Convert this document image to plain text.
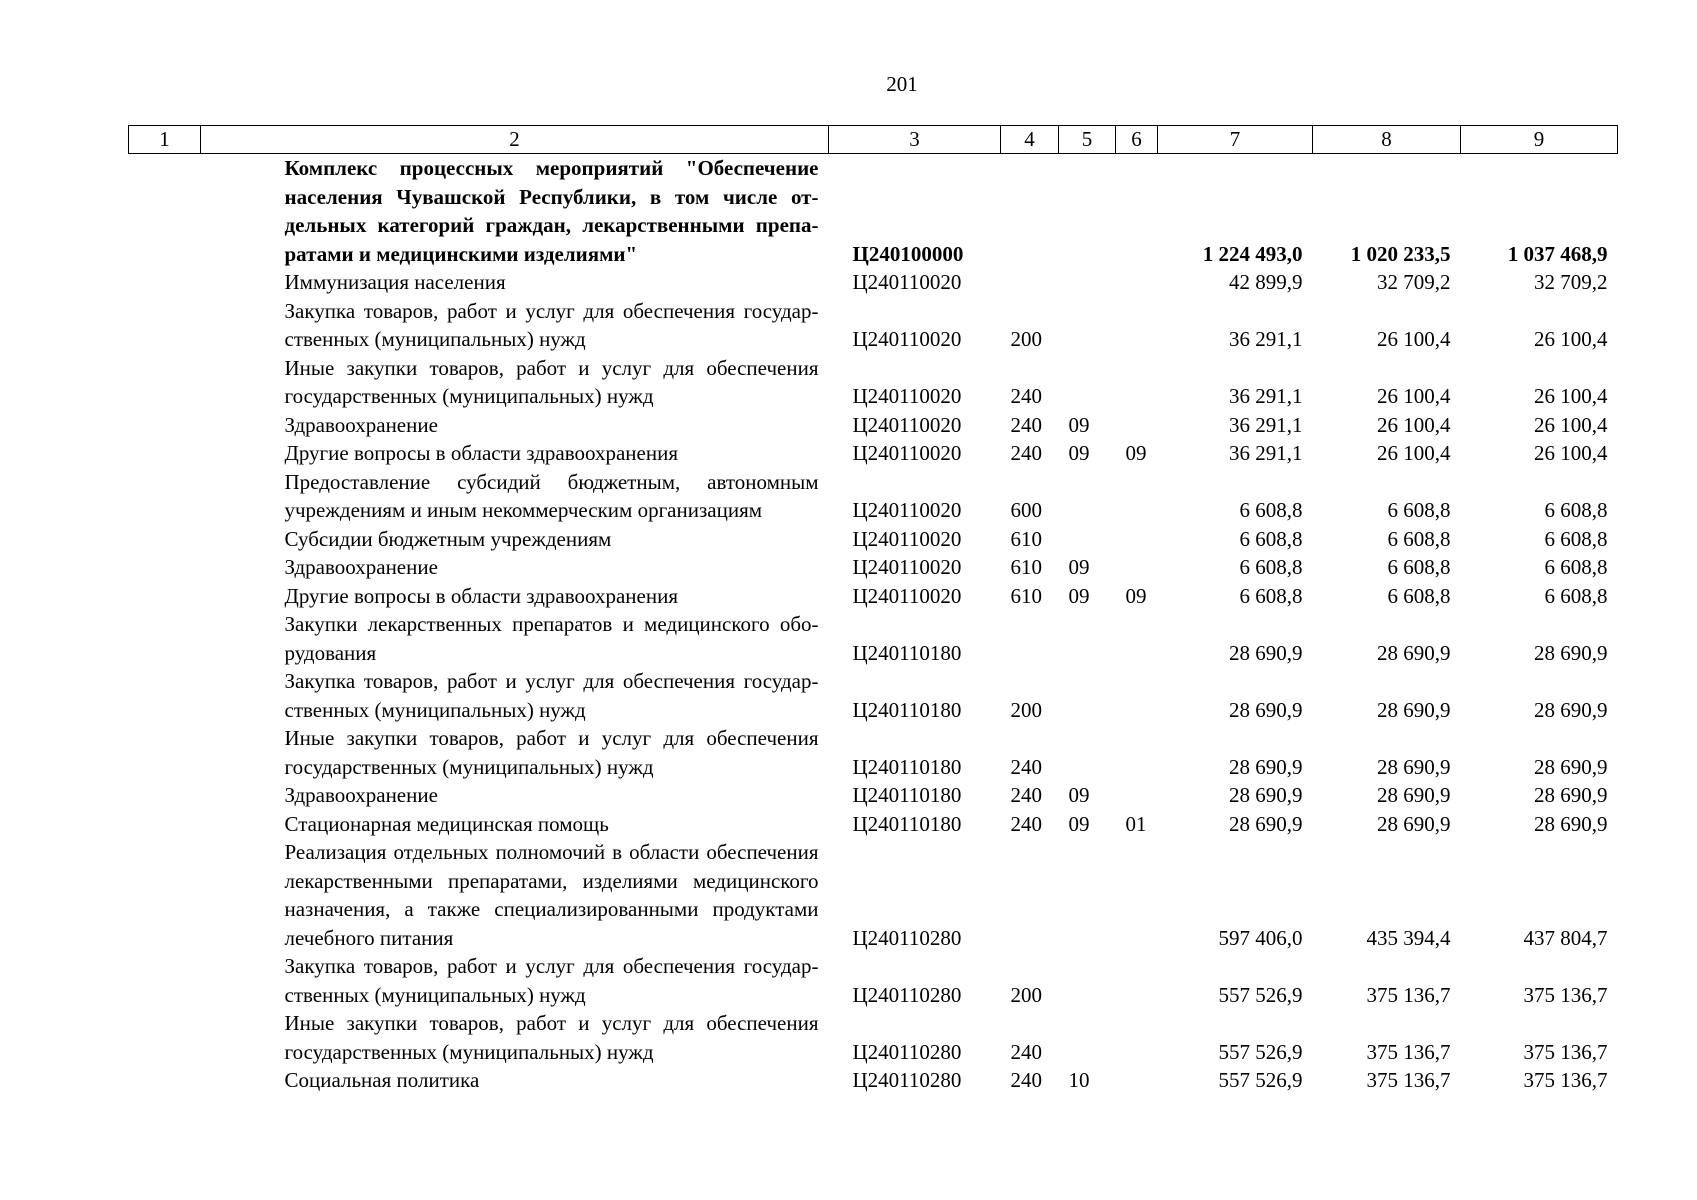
201
1	2	3	4	5	6	7	8	9
	Комплекс процессных мероприятий "Обеспечение населения Чувашской Республики, в том числе отдельных категорий граждан, лекарственными препаратами и медицинскими изделиями"	Ц240100000				1 224 493,0	1 020 233,5	1 037 468,9
	Иммунизация населения	Ц240110020				42 899,9	32 709,2	32 709,2
	Закупка товаров, работ и услуг для обеспечения государственных (муниципальных) нужд	Ц240110020	200			36 291,1	26 100,4	26 100,4
	Иные закупки товаров, работ и услуг для обеспечения государственных (муниципальных) нужд	Ц240110020	240			36 291,1	26 100,4	26 100,4
	Здравоохранение	Ц240110020	240	09		36 291,1	26 100,4	26 100,4
	Другие вопросы в области здравоохранения	Ц240110020	240	09	09	36 291,1	26 100,4	26 100,4
	Предоставление субсидий бюджетным, автономным учреждениям и иным некоммерческим организациям	Ц240110020	600			6 608,8	6 608,8	6 608,8
	Субсидии бюджетным учреждениям	Ц240110020	610			6 608,8	6 608,8	6 608,8
	Здравоохранение	Ц240110020	610	09		6 608,8	6 608,8	6 608,8
	Другие вопросы в области здравоохранения	Ц240110020	610	09	09	6 608,8	6 608,8	6 608,8
	Закупки лекарственных препаратов и медицинского оборудования	Ц240110180				28 690,9	28 690,9	28 690,9
	Закупка товаров, работ и услуг для обеспечения государственных (муниципальных) нужд	Ц240110180	200			28 690,9	28 690,9	28 690,9
	Иные закупки товаров, работ и услуг для обеспечения государственных (муниципальных) нужд	Ц240110180	240			28 690,9	28 690,9	28 690,9
	Здравоохранение	Ц240110180	240	09		28 690,9	28 690,9	28 690,9
	Стационарная медицинская помощь	Ц240110180	240	09	01	28 690,9	28 690,9	28 690,9
	Реализация отдельных полномочий в области обеспечения лекарственными препаратами, изделиями медицинского назначения, а также специализированными продуктами лечебного питания	Ц240110280				597 406,0	435 394,4	437 804,7
	Закупка товаров, работ и услуг для обеспечения государственных (муниципальных) нужд	Ц240110280	200			557 526,9	375 136,7	375 136,7
	Иные закупки товаров, работ и услуг для обеспечения государственных (муниципальных) нужд	Ц240110280	240			557 526,9	375 136,7	375 136,7
	Социальная политика	Ц240110280	240	10		557 526,9	375 136,7	375 136,7
